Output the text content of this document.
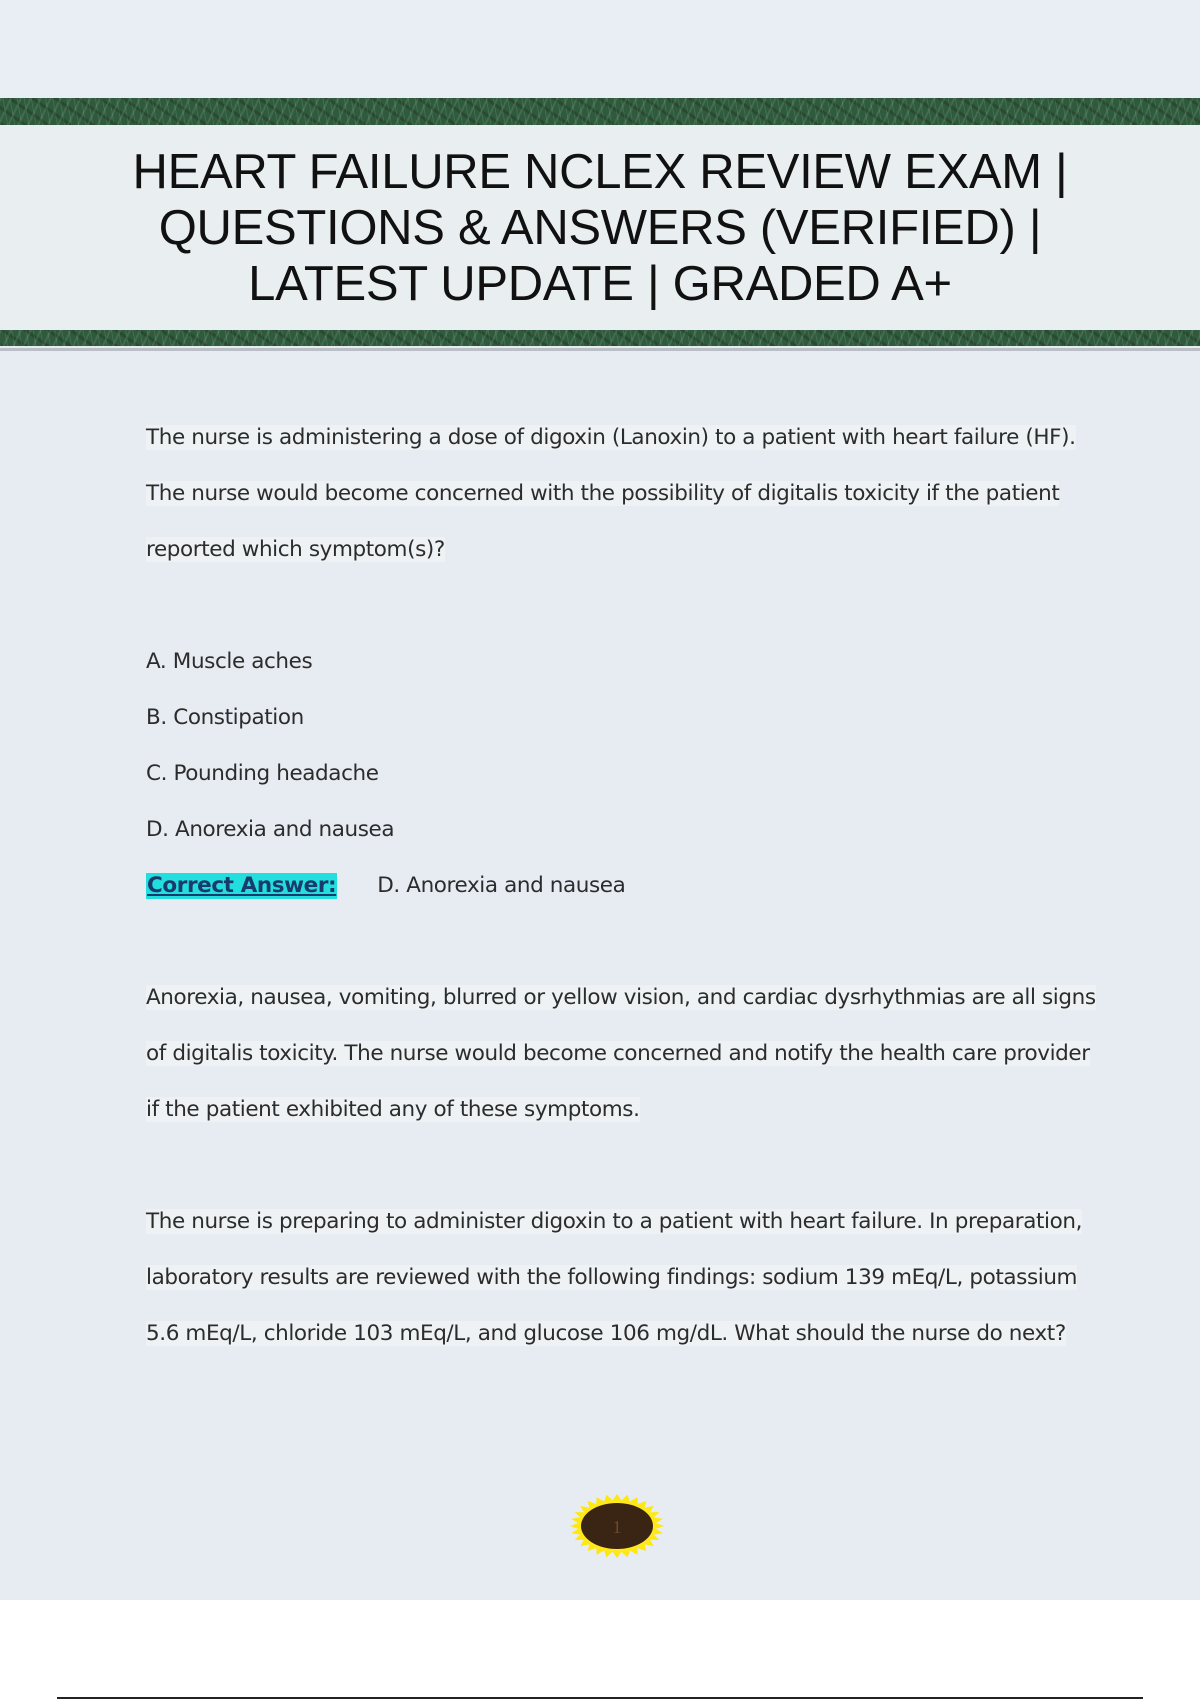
HEART FAILURE NCLEX REVIEW EXAM | QUESTIONS & ANSWERS (VERIFIED) | LATEST UPDATE | GRADED A+

The nurse is administering a dose of digoxin (Lanoxin) to a patient with heart failure (HF). The nurse would become concerned with the possibility of digitalis toxicity if the patient reported which symptom(s)?

A. Muscle aches

B. Constipation

C. Pounding headache

D. Anorexia and nausea

Correct Answer: D. Anorexia and nausea

Anorexia, nausea, vomiting, blurred or yellow vision, and cardiac dysrhythmias are all signs of digitalis toxicity. The nurse would become concerned and notify the health care provider if the patient exhibited any of these symptoms.

The nurse is preparing to administer digoxin to a patient with heart failure. In preparation, laboratory results are reviewed with the following findings: sodium 139 mEq/L, potassium 5.6 mEq/L, chloride 103 mEq/L, and glucose 106 mg/dL. What should the nurse do next?

1
